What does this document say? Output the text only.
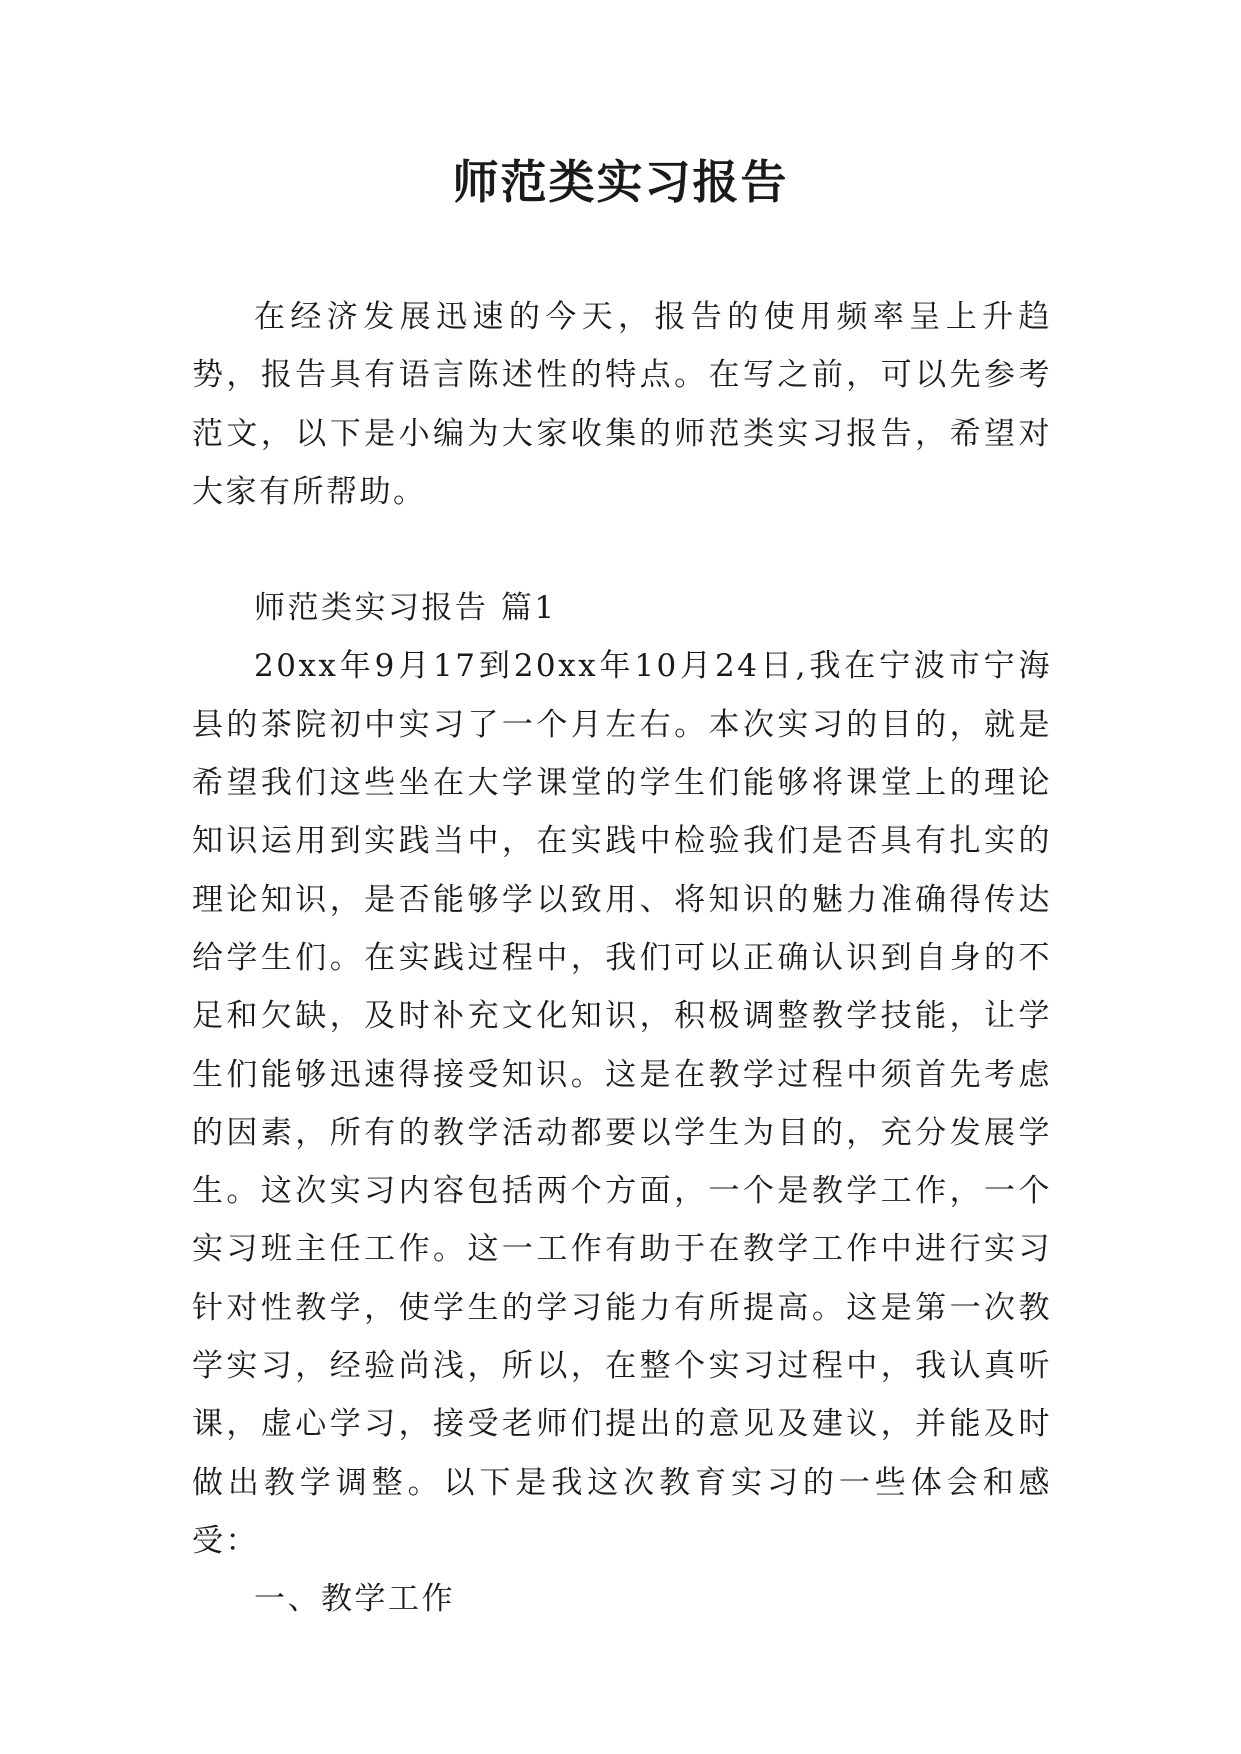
师范类实习报告

在经济发展迅速的今天，报告的使用频率呈上升趋势，报告具有语言陈述性的特点。在写之前，可以先参考范文，以下是小编为大家收集的师范类实习报告，希望对大家有所帮助。

师范类实习报告 篇1

20xx年9月17到20xx年10月24日,我在宁波市宁海县的茶院初中实习了一个月左右。本次实习的目的，就是希望我们这些坐在大学课堂的学生们能够将课堂上的理论知识运用到实践当中，在实践中检验我们是否具有扎实的理论知识，是否能够学以致用、将知识的魅力准确得传达给学生们。在实践过程中，我们可以正确认识到自身的不足和欠缺，及时补充文化知识，积极调整教学技能，让学生们能够迅速得接受知识。这是在教学过程中须首先考虑的因素，所有的教学活动都要以学生为目的，充分发展学生。这次实习内容包括两个方面，一个是教学工作，一个实习班主任工作。这一工作有助于在教学工作中进行实习针对性教学，使学生的学习能力有所提高。这是第一次教学实习，经验尚浅，所以，在整个实习过程中，我认真听课，虚心学习，接受老师们提出的意见及建议，并能及时做出教学调整。以下是我这次教育实习的一些体会和感受：

一、教学工作
